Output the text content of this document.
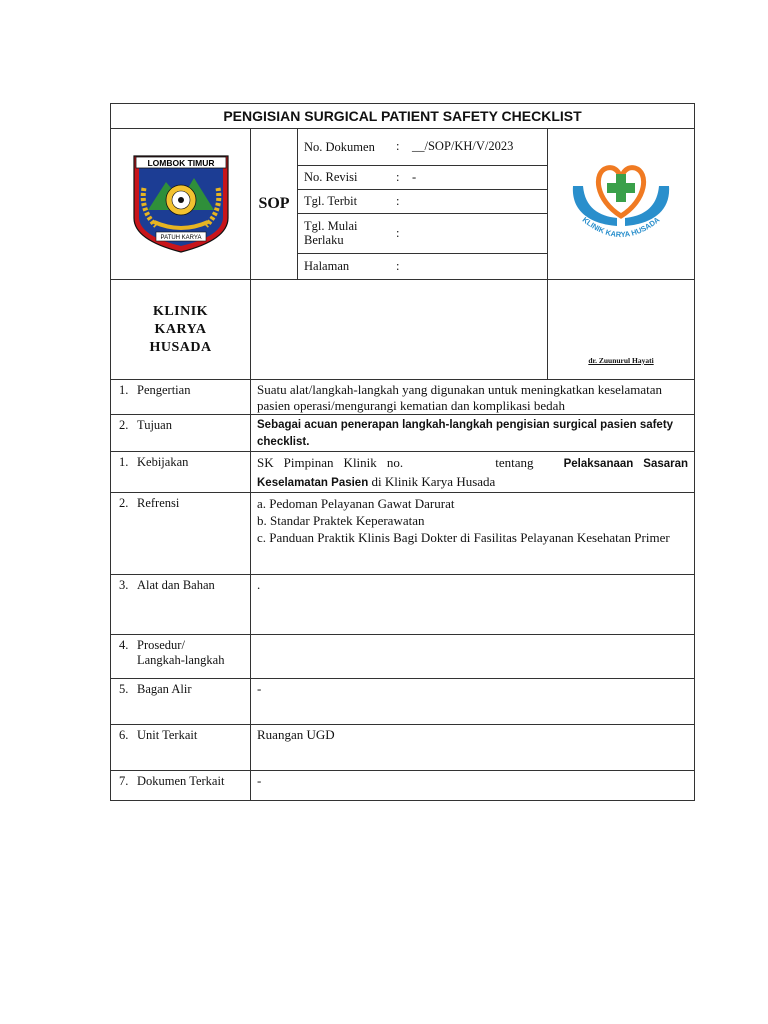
PENGISIAN SURGICAL PATIENT SAFETY CHECKLIST

LOMBOK TIMUR
PATUH KARYA
	SOP	
No. Dokumen	:	__/SOP/KH/V/2023
No. Revisi	:	-
Tgl. Terbit	:	
Tgl. Mulai Berlaku	:	
Halaman	:	

KLINIK KARYA HUSADA

KLINIK KARYA HUSADA
		dr. Zuunurul Hayati
1. Pengertian	Suatu alat/langkah-langkah yang digunakan untuk meningkatkan keselamatan pasien operasi/mengurangi kematian dan komplikasi bedah
2. Tujuan	Sebagai acuan penerapan langkah-langkah pengisian surgical pasien safety checklist.
1. Kebijakan	SK Pimpinan Klinik no.	tentang	Pelaksanaan Sasaran Keselamatan Pasien di Klinik Karya Husada
2. Refrensi	a. Pedoman Pelayanan Gawat Darurat
b. Standar Praktek Keperawatan
c. Panduan Praktik Klinis Bagi Dokter di Fasilitas Pelayanan Kesehatan Primer

3. Alat dan Bahan	.

4. Prosedur/
Langkah-langkah

5. Bagan Alir	-
6. Unit Terkait	Ruangan UGD
7. Dokumen Terkait	-
